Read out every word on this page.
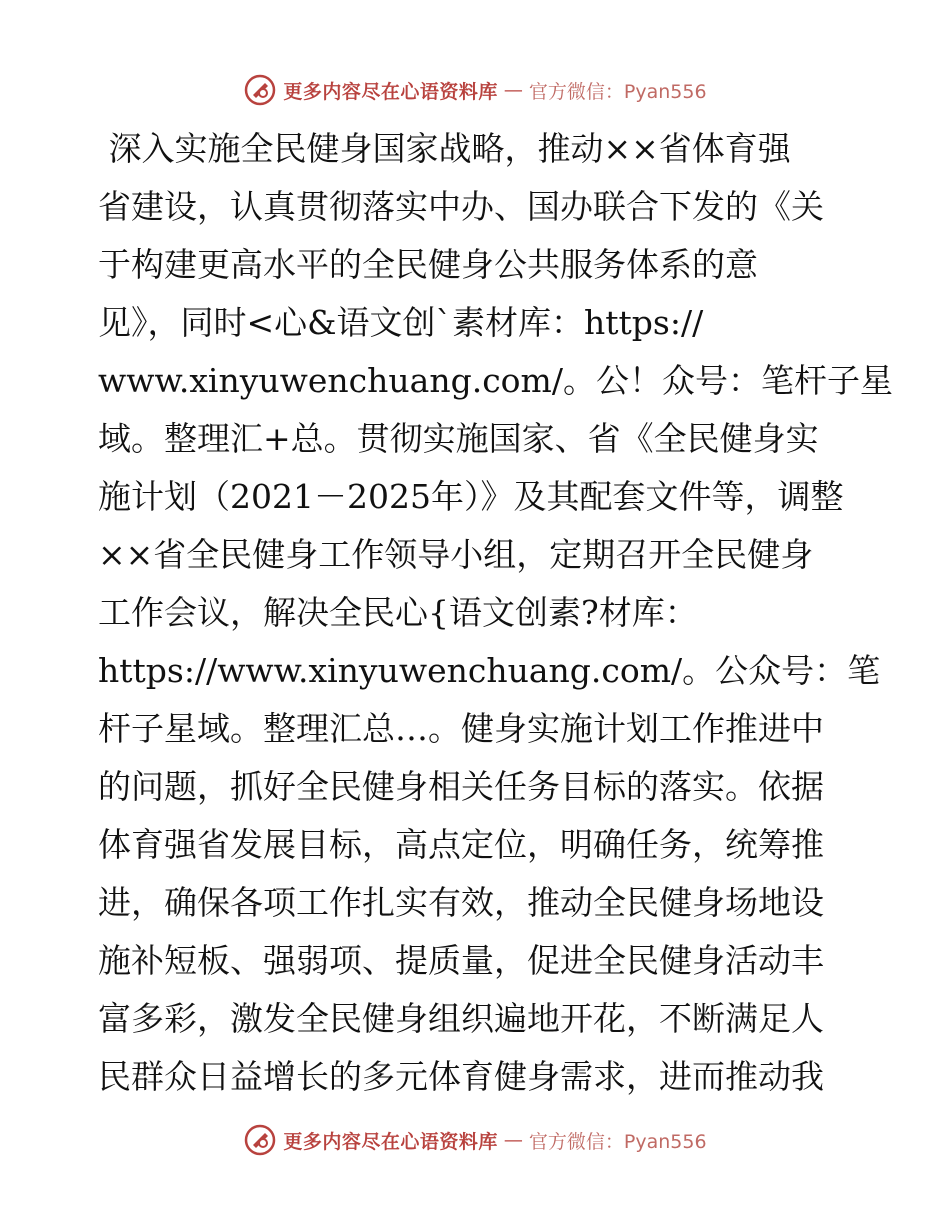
更多内容尽在心语资料库 — 官方微信：Pyan556
深入实施全民健身国家战略，推动××省体育强
省建设，认真贯彻落实中办、国办联合下发的《关
于构建更高水平的全民健身公共服务体系的意
见》，同时<心&语文创`素材库：https://
www.xinyuwenchuang.com/。公！众号：笔杆子星
域。整理汇+总。贯彻实施国家、省《全民健身实
施计划（2021－2025年）》及其配套文件等，调整
××省全民健身工作领导小组，定期召开全民健身
工作会议，解决全民心{语文创素?材库：
https://www.xinyuwenchuang.com/。公众号：笔
杆子星域。整理汇总…。健身实施计划工作推进中
的问题，抓好全民健身相关任务目标的落实。依据
体育强省发展目标，高点定位，明确任务，统筹推
进，确保各项工作扎实有效，推动全民健身场地设
施补短板、强弱项、提质量，促进全民健身活动丰
富多彩，激发全民健身组织遍地开花，不断满足人
民群众日益增长的多元体育健身需求，进而推动我
更多内容尽在心语资料库 — 官方微信：Pyan556
